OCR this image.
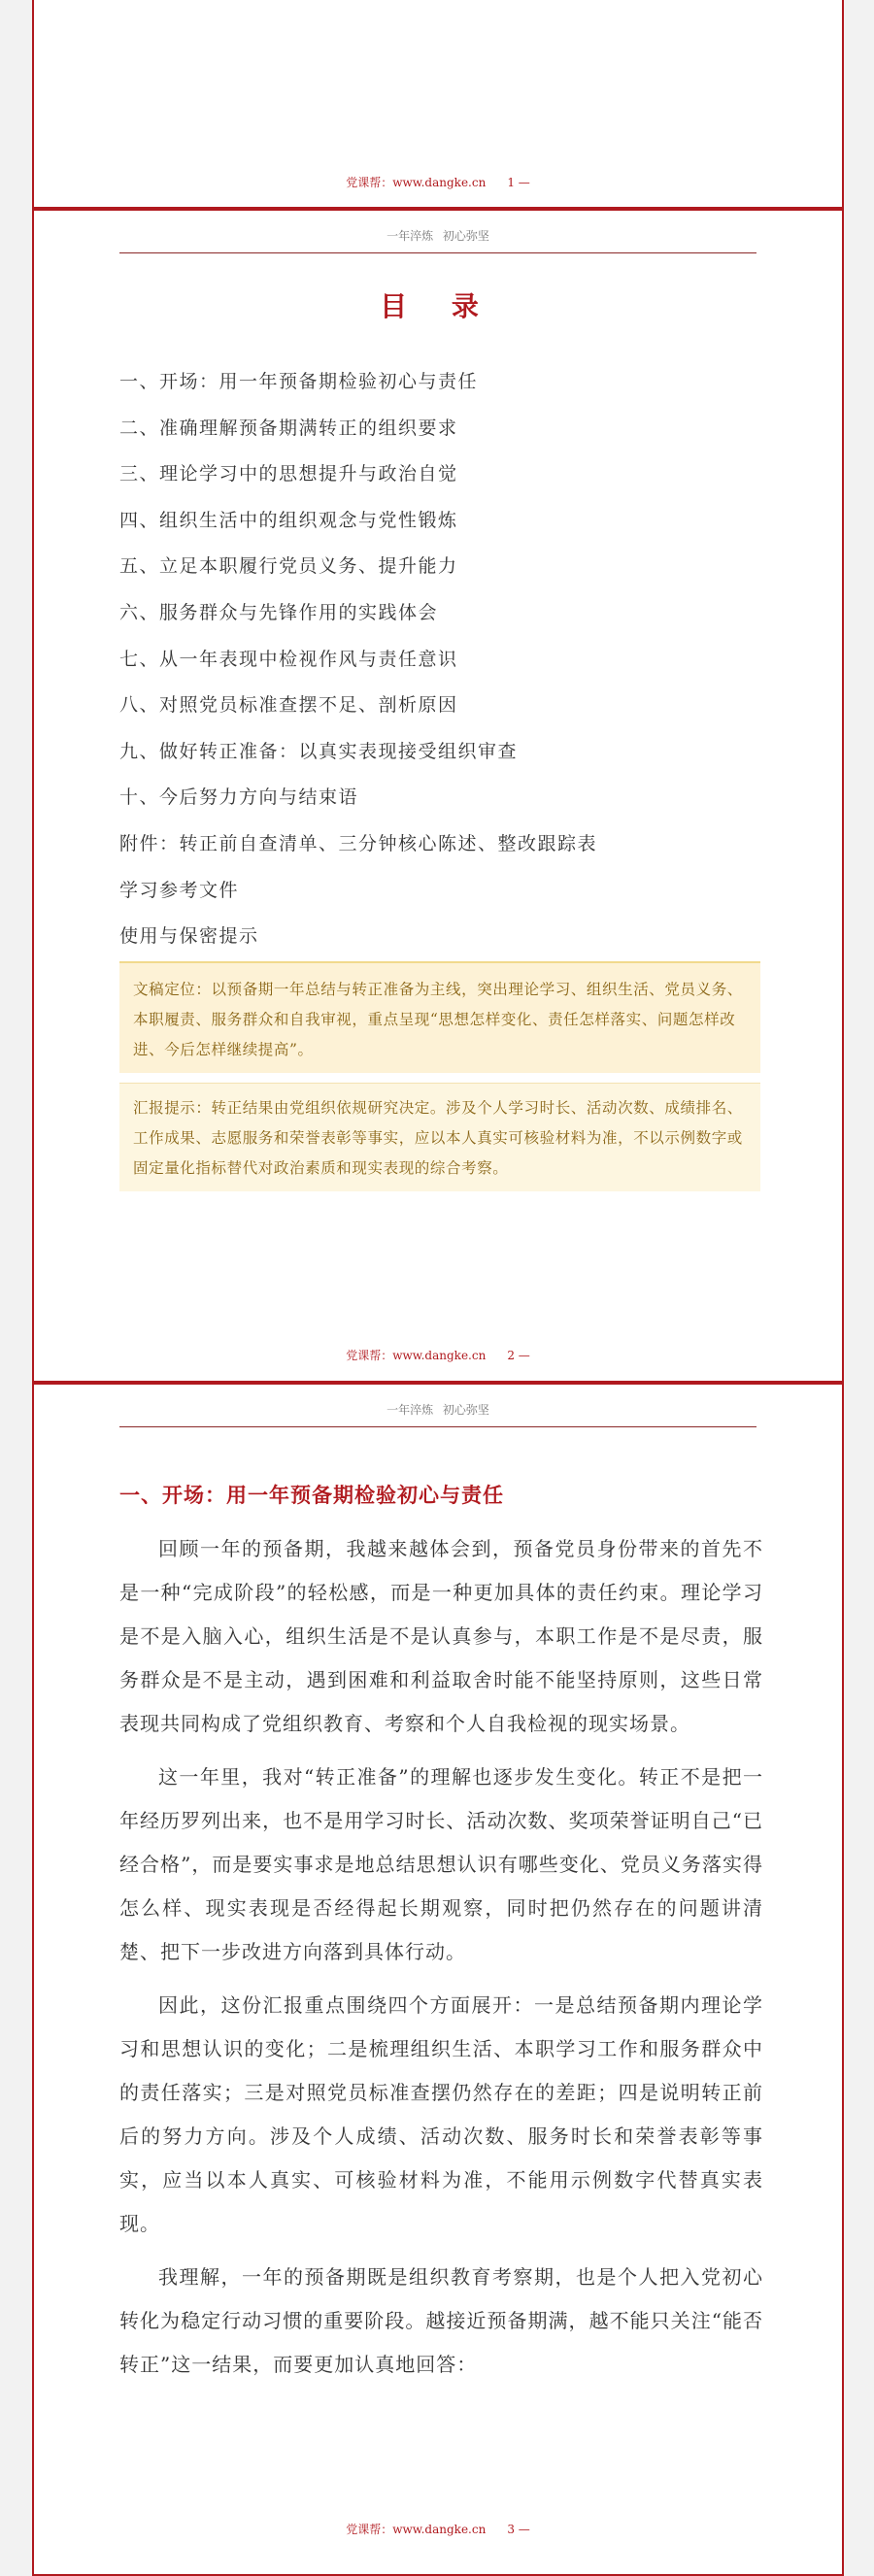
党课帮：www.dangke.cn 1 —
一年淬炼 初心弥坚
目 录
一、开场：用一年预备期检验初心与责任
二、准确理解预备期满转正的组织要求
三、理论学习中的思想提升与政治自觉
四、组织生活中的组织观念与党性锻炼
五、立足本职履行党员义务、提升能力
六、服务群众与先锋作用的实践体会
七、从一年表现中检视作风与责任意识
八、对照党员标准查摆不足、剖析原因
九、做好转正准备：以真实表现接受组织审查
十、今后努力方向与结束语
附件：转正前自查清单、三分钟核心陈述、整改跟踪表
学习参考文件
使用与保密提示
文稿定位：以预备期一年总结与转正准备为主线，突出理论学习、组织生活、党员义务、本职履责、服务群众和自我审视，重点呈现“思想怎样变化、责任怎样落实、问题怎样改进、今后怎样继续提高”。
汇报提示：转正结果由党组织依规研究决定。涉及个人学习时长、活动次数、成绩排名、工作成果、志愿服务和荣誉表彰等事实，应以本人真实可核验材料为准，不以示例数字或固定量化指标替代对政治素质和现实表现的综合考察。
党课帮：www.dangke.cn 2 —
一年淬炼 初心弥坚
一、开场：用一年预备期检验初心与责任

回顾一年的预备期，我越来越体会到，预备党员身份带来的首先不是一种“完成阶段”的轻松感，而是一种更加具体的责任约束。理论学习是不是入脑入心，组织生活是不是认真参与，本职工作是不是尽责，服务群众是不是主动，遇到困难和利益取舍时能不能坚持原则，这些日常表现共同构成了党组织教育、考察和个人自我检视的现实场景。

这一年里，我对“转正准备”的理解也逐步发生变化。转正不是把一年经历罗列出来，也不是用学习时长、活动次数、奖项荣誉证明自己“已经合格”，而是要实事求是地总结思想认识有哪些变化、党员义务落实得怎么样、现实表现是否经得起长期观察，同时把仍然存在的问题讲清楚、把下一步改进方向落到具体行动。

因此，这份汇报重点围绕四个方面展开：一是总结预备期内理论学习和思想认识的变化；二是梳理组织生活、本职学习工作和服务群众中的责任落实；三是对照党员标准查摆仍然存在的差距；四是说明转正前后的努力方向。涉及个人成绩、活动次数、服务时长和荣誉表彰等事实，应当以本人真实、可核验材料为准，不能用示例数字代替真实表现。

我理解，一年的预备期既是组织教育考察期，也是个人把入党初心转化为稳定行动习惯的重要阶段。越接近预备期满，越不能只关注“能否转正”这一结果，而要更加认真地回答：

党课帮：www.dangke.cn 3 —
